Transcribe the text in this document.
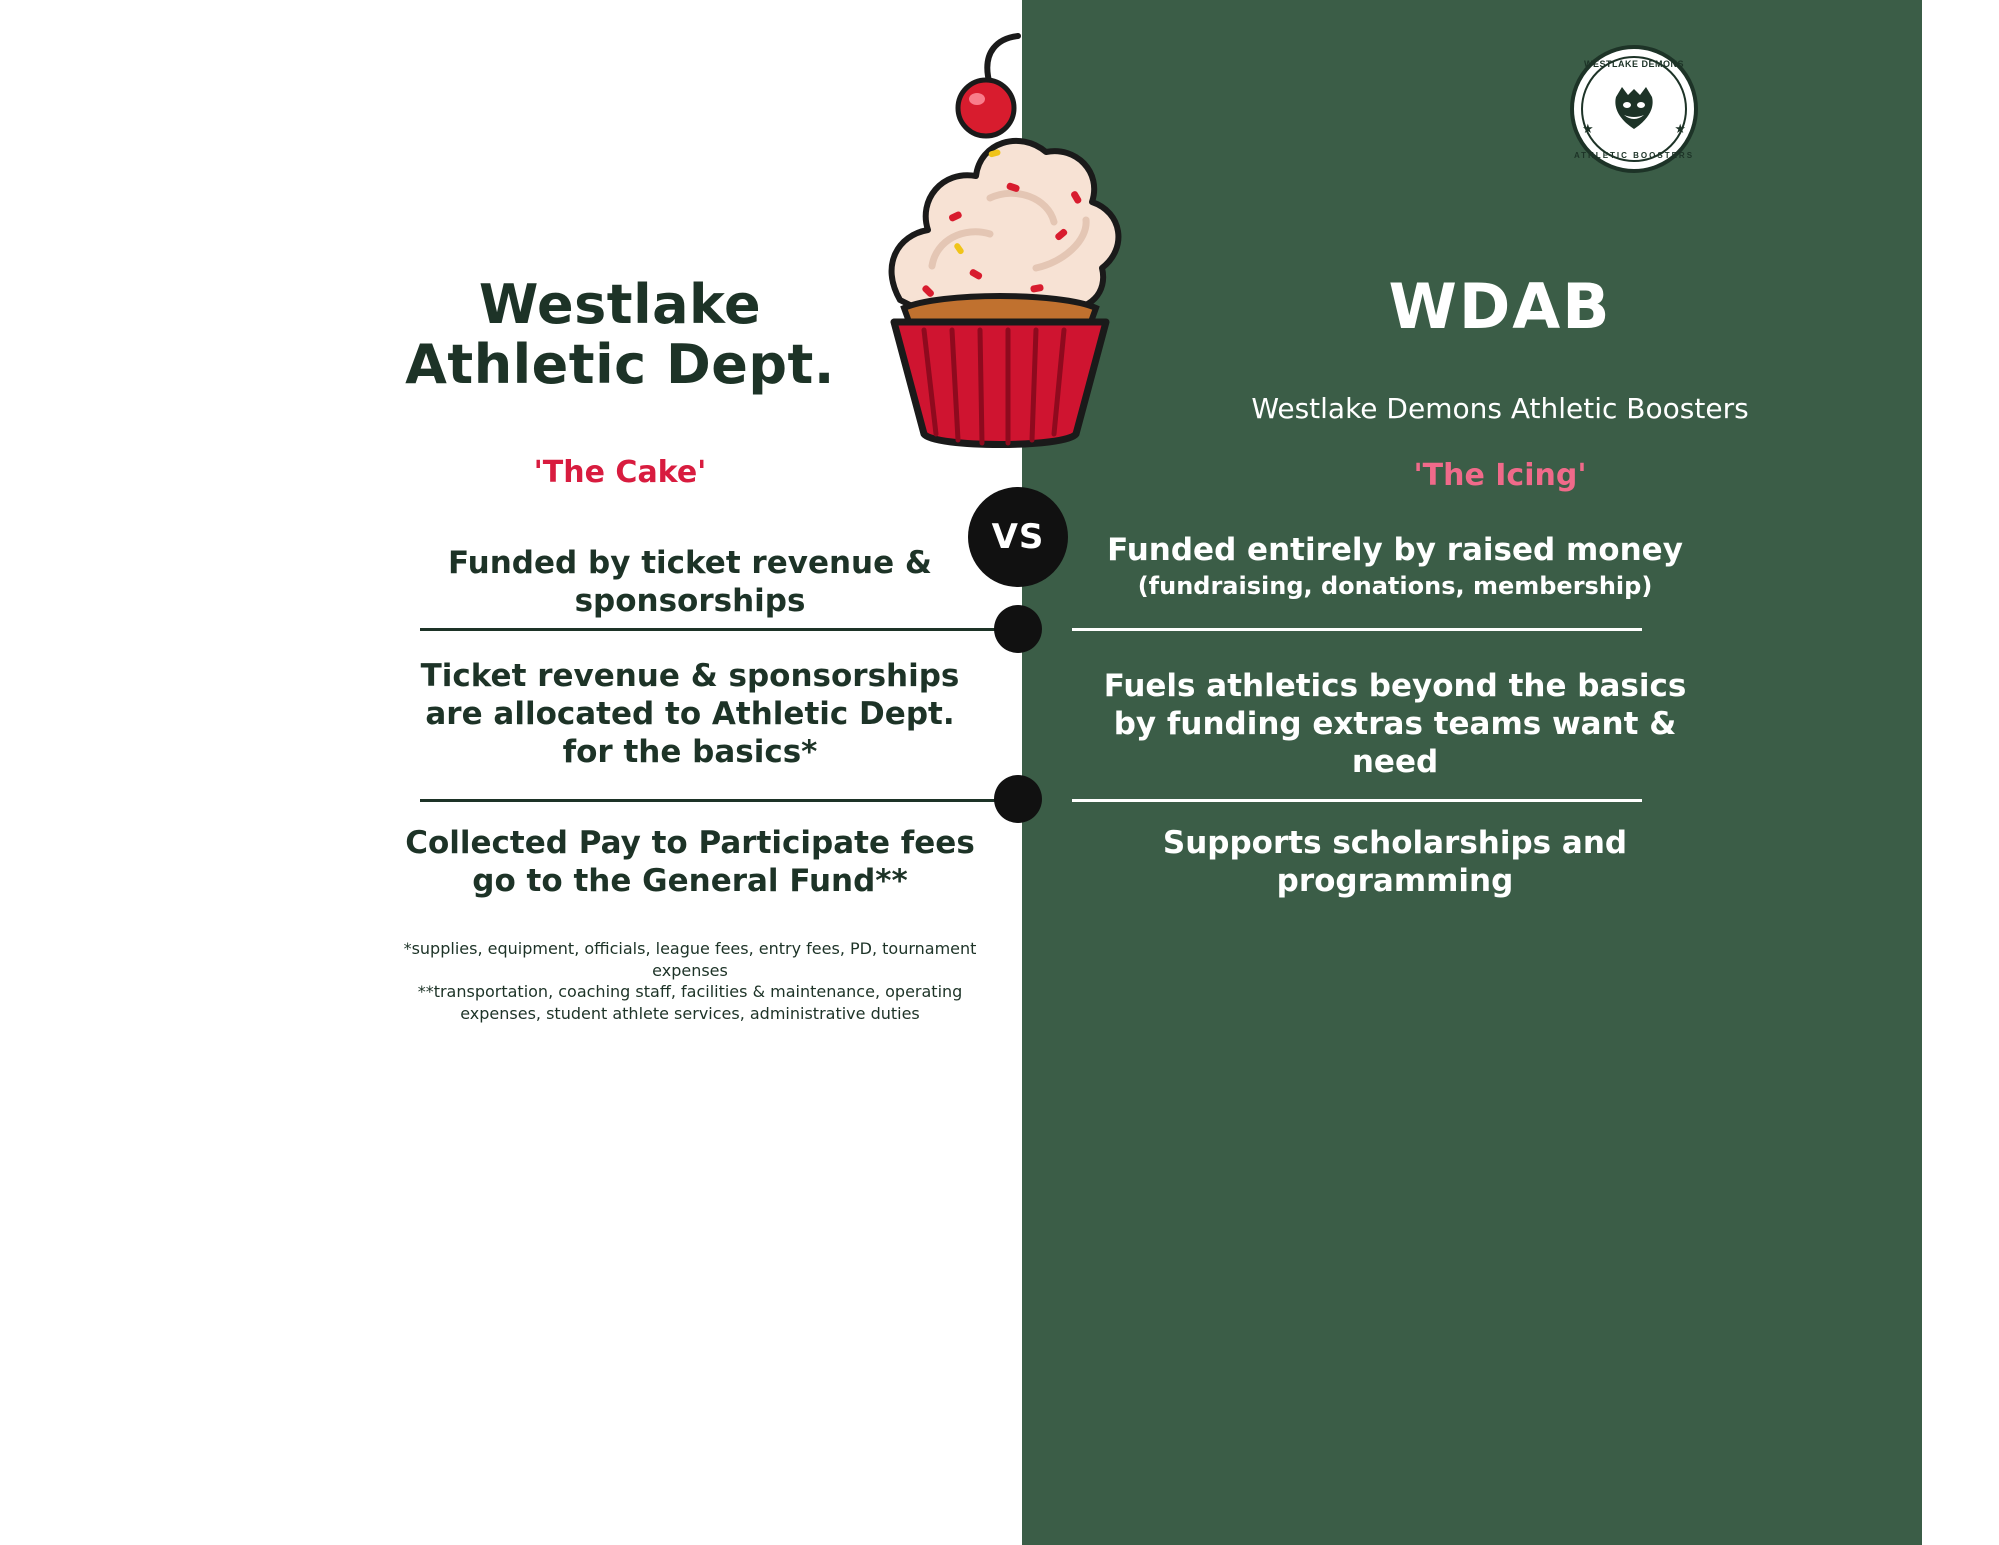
WESTLAKE DEMONS
ATHLETIC BOOSTERS
★	★
Westlake
Athletic Dept.
'The Cake'
WDAB
Westlake Demons Athletic Boosters
'The Icing'
VS
Funded by ticket revenue & sponsorships
Funded entirely by raised money
(fundraising, donations, membership)
Ticket revenue & sponsorships are allocated to Athletic Dept. for the basics*
Fuels athletics beyond the basics by funding extras teams want & need
Collected Pay to Participate fees go to the General Fund**
Supports scholarships and programming
*supplies, equipment, officials, league fees, entry fees, PD, tournament expenses
**transportation, coaching staff, facilities & maintenance, operating expenses, student athlete services, administrative duties
